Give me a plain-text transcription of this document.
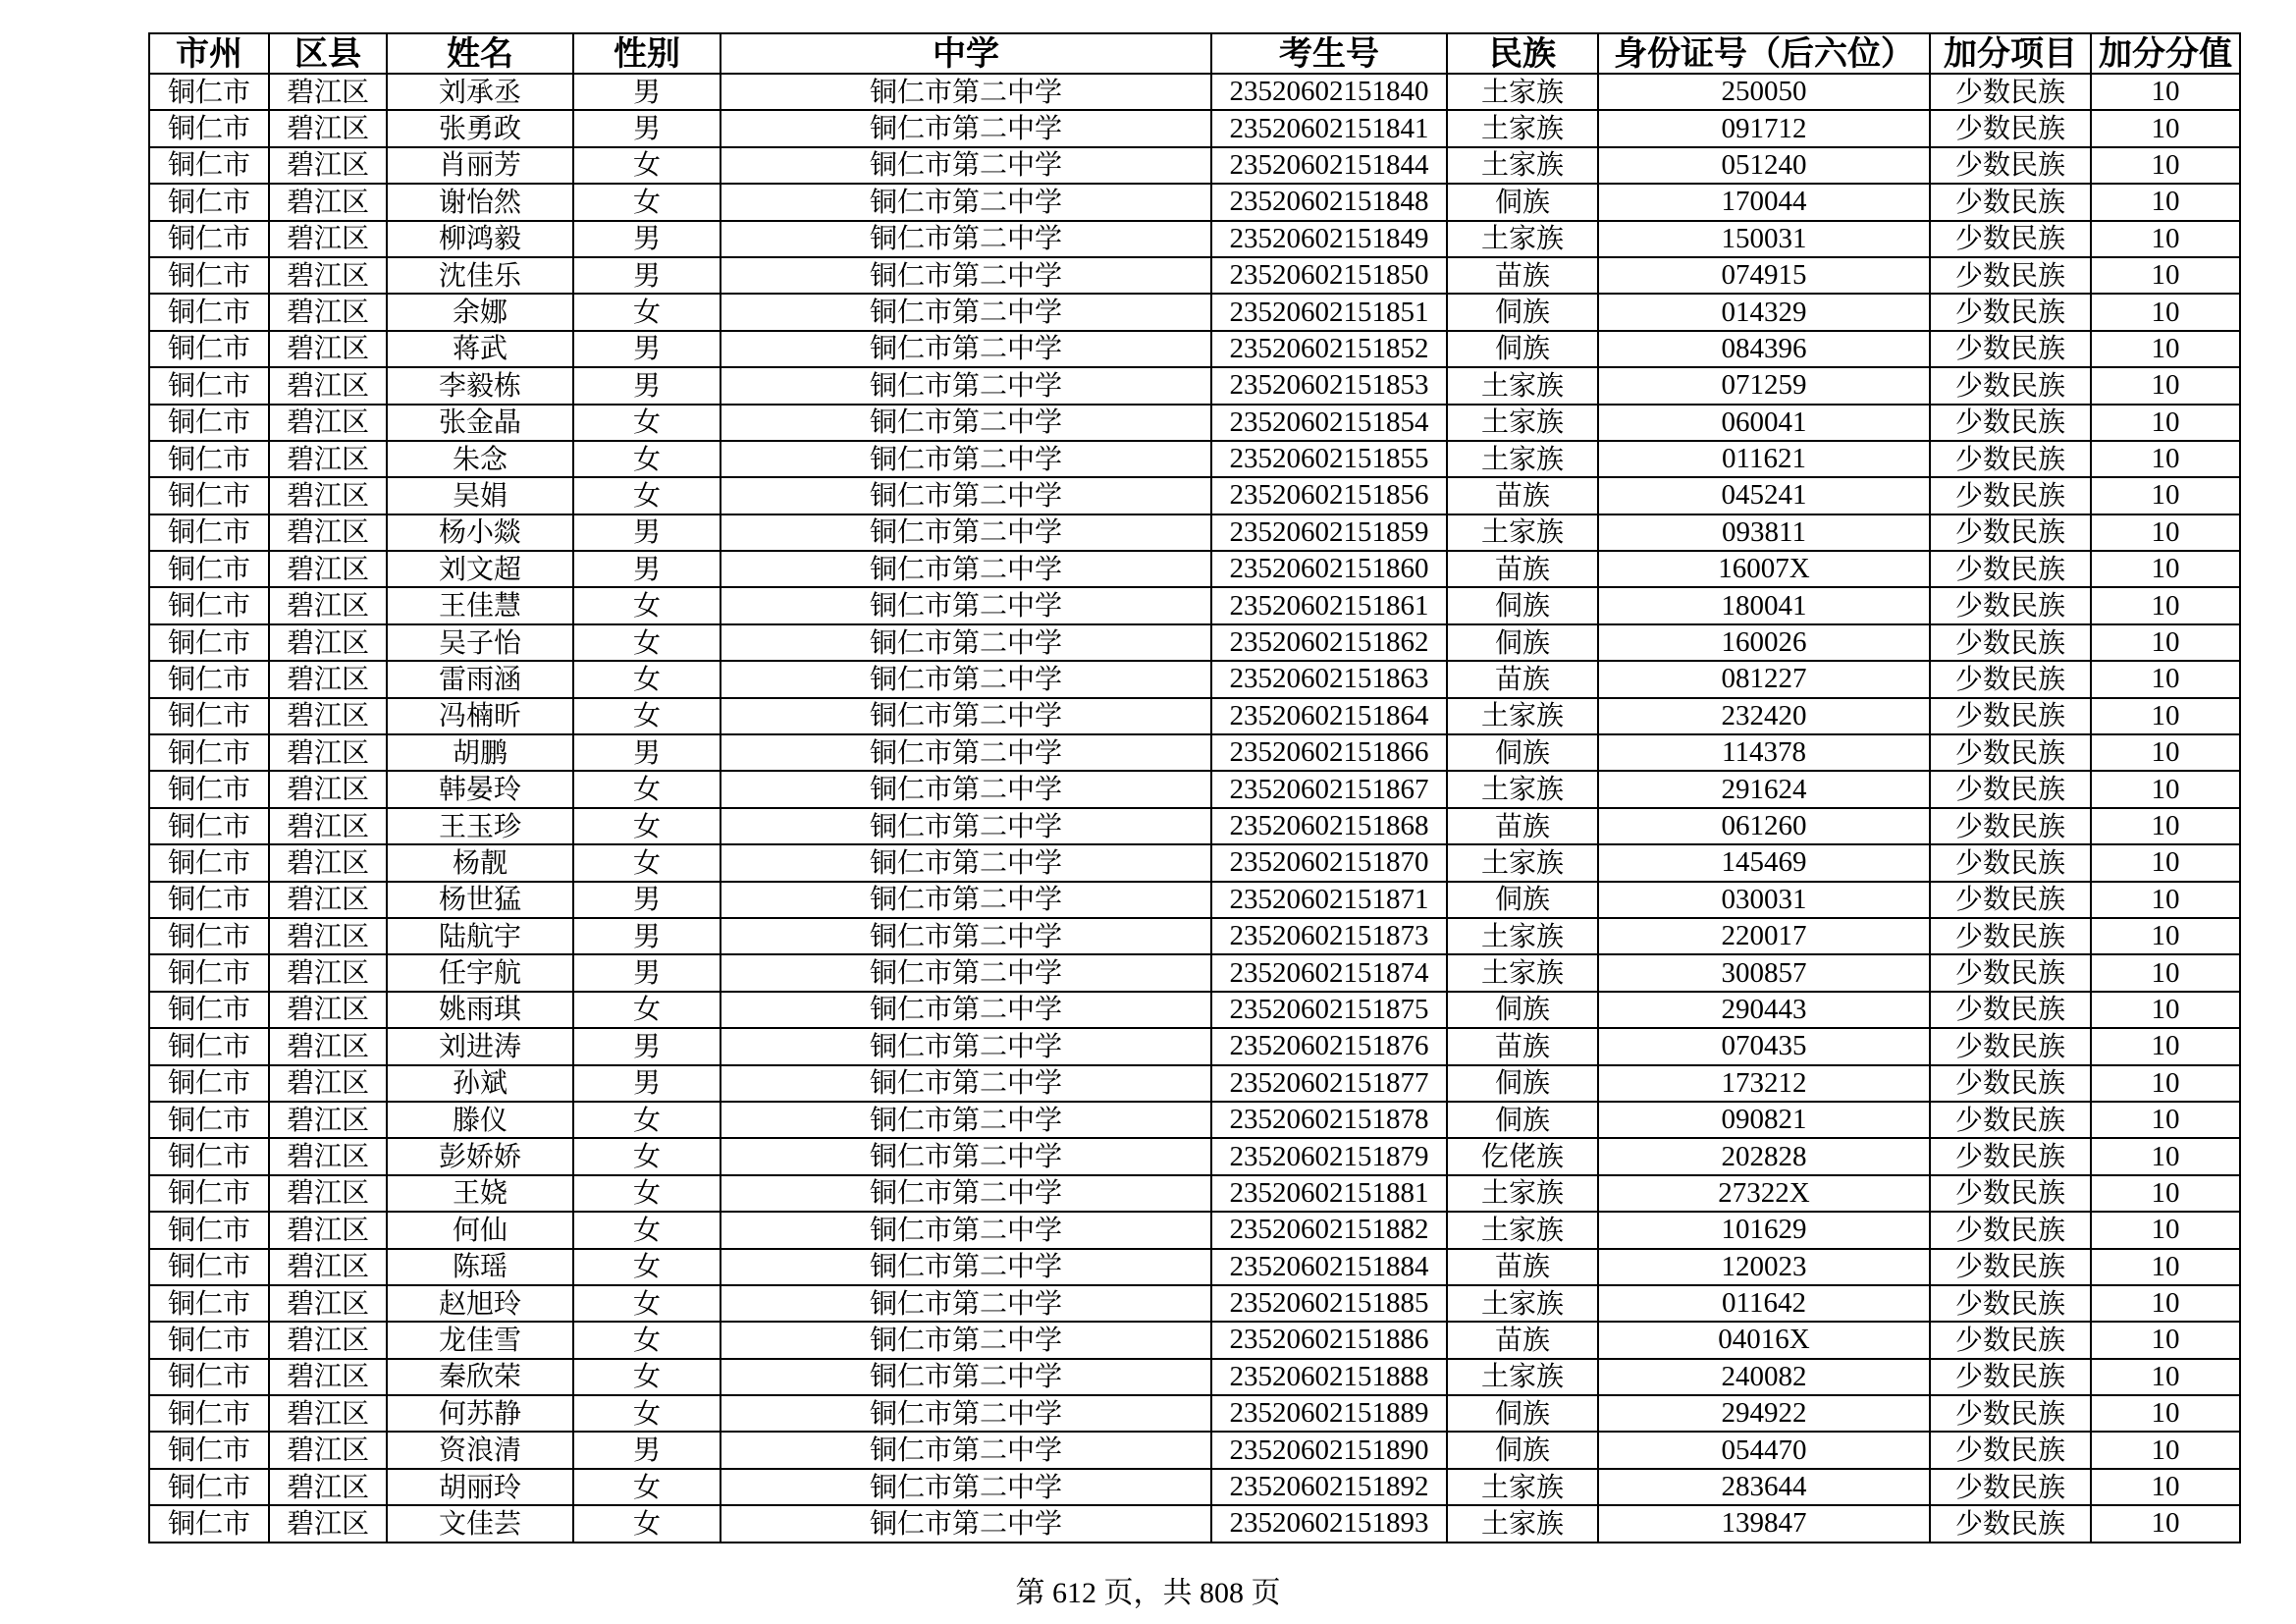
市州	区县	姓名	性别	中学	考生号	民族	身份证号（后六位）	加分项目	加分分值
铜仁市	碧江区	刘承丞	男	铜仁市第二中学	23520602151840	土家族	250050	少数民族	10
铜仁市	碧江区	张勇政	男	铜仁市第二中学	23520602151841	土家族	091712	少数民族	10
铜仁市	碧江区	肖丽芳	女	铜仁市第二中学	23520602151844	土家族	051240	少数民族	10
铜仁市	碧江区	谢怡然	女	铜仁市第二中学	23520602151848	侗族	170044	少数民族	10
铜仁市	碧江区	柳鸿毅	男	铜仁市第二中学	23520602151849	土家族	150031	少数民族	10
铜仁市	碧江区	沈佳乐	男	铜仁市第二中学	23520602151850	苗族	074915	少数民族	10
铜仁市	碧江区	余娜	女	铜仁市第二中学	23520602151851	侗族	014329	少数民族	10
铜仁市	碧江区	蒋武	男	铜仁市第二中学	23520602151852	侗族	084396	少数民族	10
铜仁市	碧江区	李毅栋	男	铜仁市第二中学	23520602151853	土家族	071259	少数民族	10
铜仁市	碧江区	张金晶	女	铜仁市第二中学	23520602151854	土家族	060041	少数民族	10
铜仁市	碧江区	朱念	女	铜仁市第二中学	23520602151855	土家族	011621	少数民族	10
铜仁市	碧江区	吴娟	女	铜仁市第二中学	23520602151856	苗族	045241	少数民族	10
铜仁市	碧江区	杨小燚	男	铜仁市第二中学	23520602151859	土家族	093811	少数民族	10
铜仁市	碧江区	刘文超	男	铜仁市第二中学	23520602151860	苗族	16007X	少数民族	10
铜仁市	碧江区	王佳慧	女	铜仁市第二中学	23520602151861	侗族	180041	少数民族	10
铜仁市	碧江区	吴子怡	女	铜仁市第二中学	23520602151862	侗族	160026	少数民族	10
铜仁市	碧江区	雷雨涵	女	铜仁市第二中学	23520602151863	苗族	081227	少数民族	10
铜仁市	碧江区	冯楠昕	女	铜仁市第二中学	23520602151864	土家族	232420	少数民族	10
铜仁市	碧江区	胡鹏	男	铜仁市第二中学	23520602151866	侗族	114378	少数民族	10
铜仁市	碧江区	韩晏玲	女	铜仁市第二中学	23520602151867	土家族	291624	少数民族	10
铜仁市	碧江区	王玉珍	女	铜仁市第二中学	23520602151868	苗族	061260	少数民族	10
铜仁市	碧江区	杨靓	女	铜仁市第二中学	23520602151870	土家族	145469	少数民族	10
铜仁市	碧江区	杨世猛	男	铜仁市第二中学	23520602151871	侗族	030031	少数民族	10
铜仁市	碧江区	陆航宇	男	铜仁市第二中学	23520602151873	土家族	220017	少数民族	10
铜仁市	碧江区	任宇航	男	铜仁市第二中学	23520602151874	土家族	300857	少数民族	10
铜仁市	碧江区	姚雨琪	女	铜仁市第二中学	23520602151875	侗族	290443	少数民族	10
铜仁市	碧江区	刘进涛	男	铜仁市第二中学	23520602151876	苗族	070435	少数民族	10
铜仁市	碧江区	孙斌	男	铜仁市第二中学	23520602151877	侗族	173212	少数民族	10
铜仁市	碧江区	滕仪	女	铜仁市第二中学	23520602151878	侗族	090821	少数民族	10
铜仁市	碧江区	彭娇娇	女	铜仁市第二中学	23520602151879	仡佬族	202828	少数民族	10
铜仁市	碧江区	王娆	女	铜仁市第二中学	23520602151881	土家族	27322X	少数民族	10
铜仁市	碧江区	何仙	女	铜仁市第二中学	23520602151882	土家族	101629	少数民族	10
铜仁市	碧江区	陈瑶	女	铜仁市第二中学	23520602151884	苗族	120023	少数民族	10
铜仁市	碧江区	赵旭玲	女	铜仁市第二中学	23520602151885	土家族	011642	少数民族	10
铜仁市	碧江区	龙佳雪	女	铜仁市第二中学	23520602151886	苗族	04016X	少数民族	10
铜仁市	碧江区	秦欣荣	女	铜仁市第二中学	23520602151888	土家族	240082	少数民族	10
铜仁市	碧江区	何苏静	女	铜仁市第二中学	23520602151889	侗族	294922	少数民族	10
铜仁市	碧江区	资浪清	男	铜仁市第二中学	23520602151890	侗族	054470	少数民族	10
铜仁市	碧江区	胡丽玲	女	铜仁市第二中学	23520602151892	土家族	283644	少数民族	10
铜仁市	碧江区	文佳芸	女	铜仁市第二中学	23520602151893	土家族	139847	少数民族	10
第 612 页，共 808 页
